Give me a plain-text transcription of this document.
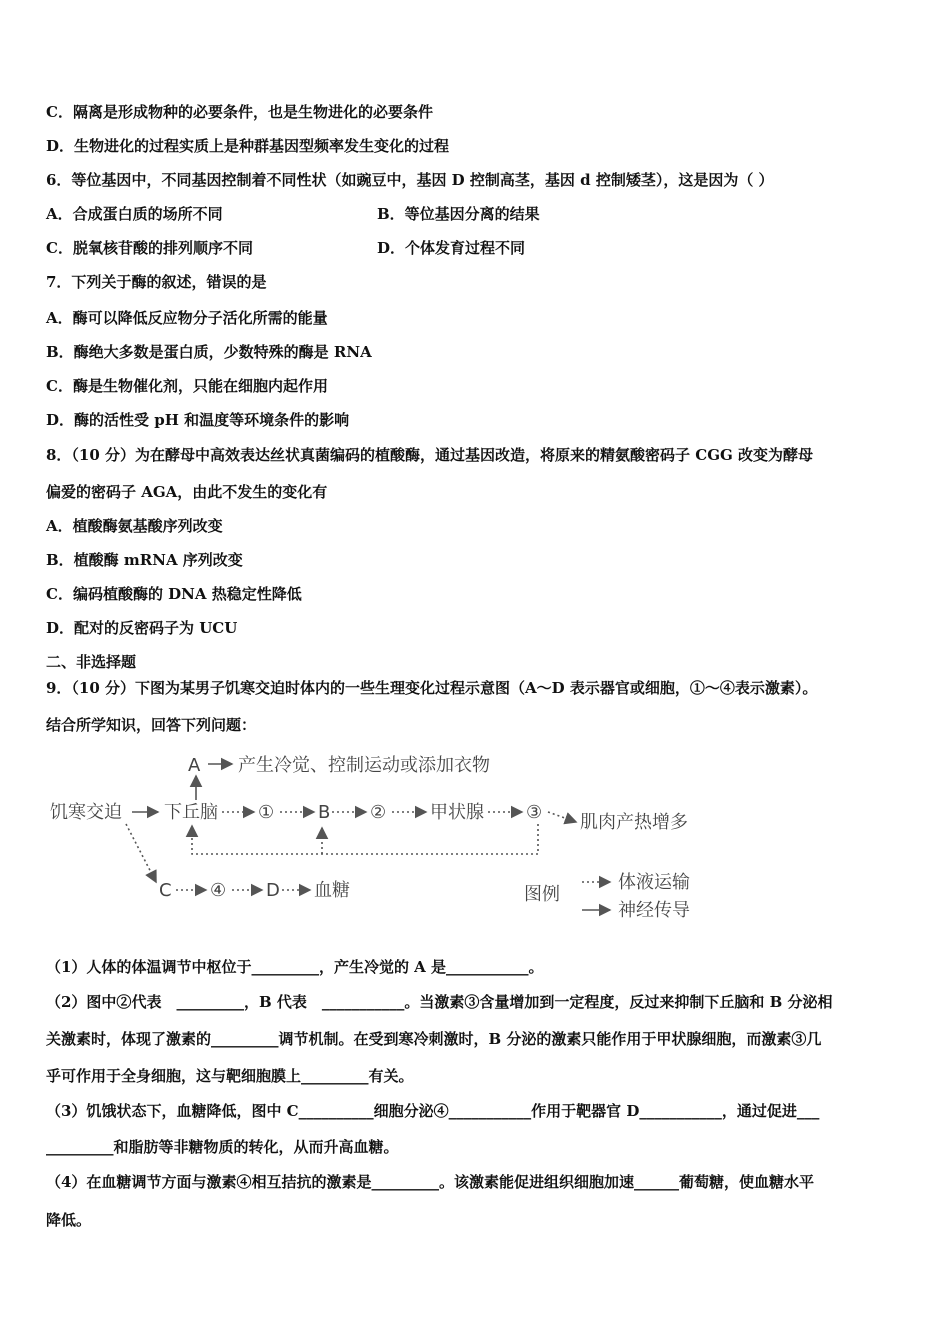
C．隔离是形成物种的必要条件，也是生物进化的必要条件
D．生物进化的过程实质上是种群基因型频率发生变化的过程
6．等位基因中，不同基因控制着不同性状（如豌豆中，基因 D 控制高茎，基因 d 控制矮茎），这是因为（ ）
A．合成蛋白质的场所不同	B．等位基因分离的结果
C．脱氧核苷酸的排列顺序不同	D．个体发育过程不同
7．下列关于酶的叙述，错误的是
A．酶可以降低反应物分子活化所需的能量
B．酶绝大多数是蛋白质，少数特殊的酶是 RNA
C．酶是生物催化剂，只能在细胞内起作用
D．酶的活性受 pH 和温度等环境条件的影响
8．（10 分）为在酵母中高效表达丝状真菌编码的植酸酶，通过基因改造，将原来的精氨酸密码子 CGG 改变为酵母
偏爱的密码子 AGA，由此不发生的变化有
A．植酸酶氨基酸序列改变
B．植酸酶 mRNA 序列改变
C．编码植酸酶的 DNA 热稳定性降低
D．配对的反密码子为 UCU
二、非选择题
9．（10 分）下图为某男子饥寒交迫时体内的一些生理变化过程示意图（A～D 表示器官或细胞，①～④表示激素）。
结合所学知识，回答下列问题：
A 产生冷觉、控制运动或添加衣物
饥寒交迫 下丘脑 ① B ② 甲状腺 ③ 肌肉产热增多
C ④ D 血糖	图例
体液运输
神经传导
（1）人体的体温调节中枢位于_________，产生冷觉的 A 是___________。
（2）图中②代表　_________，B 代表　___________。当激素③含量增加到一定程度，反过来抑制下丘脑和 B 分泌相
关激素时，体现了激素的_________调节机制。在受到寒冷刺激时，B 分泌的激素只能作用于甲状腺细胞，而激素③几
乎可作用于全身细胞，这与靶细胞膜上_________有关。
（3）饥饿状态下，血糖降低，图中 C__________细胞分泌④___________作用于靶器官 D___________，通过促进___
_________和脂肪等非糖物质的转化，从而升高血糖。
（4）在血糖调节方面与激素④相互拮抗的激素是_________。该激素能促进组织细胞加速______葡萄糖，使血糖水平
降低。
